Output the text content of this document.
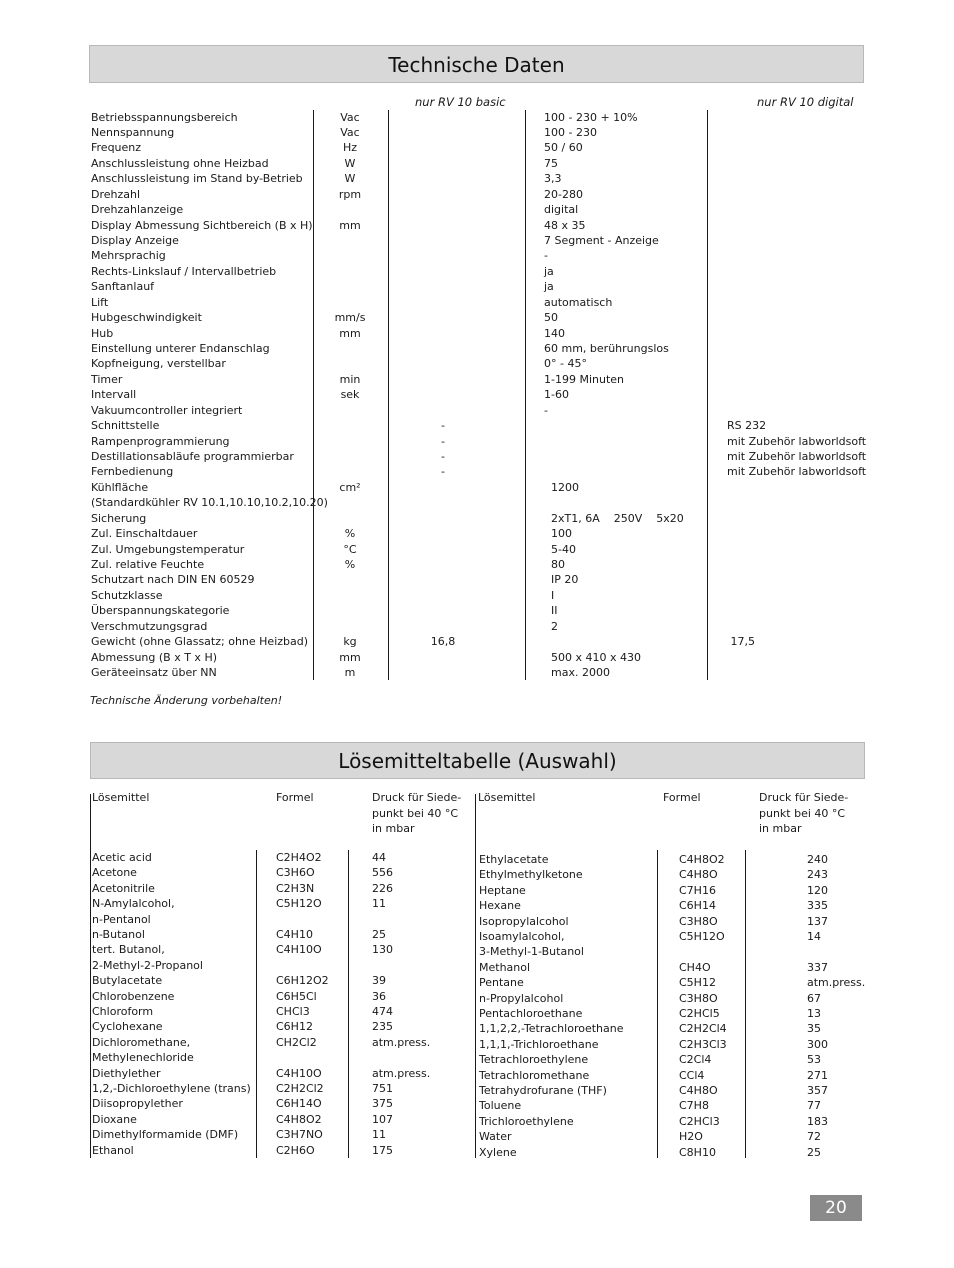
Technische Daten
nur RV 10 basic	nur RV 10 digital
Betriebsspannungsbereich	Vac	100 - 230 + 10%
Nennspannung	Vac	100 - 230
Frequenz	Hz	50 / 60
Anschlussleistung ohne Heizbad	W	75
Anschlussleistung im Stand by-Betrieb	W	3,3
Drehzahl	rpm	20-280
Drehzahlanzeige	digital
Display Abmessung Sichtbereich (B x H)	mm	48 x 35
Display Anzeige	7 Segment - Anzeige
Mehrsprachig	-
Rechts-Linkslauf / Intervallbetrieb	ja
Sanftanlauf	ja
Lift	automatisch
Hubgeschwindigkeit	mm/s	50
Hub	mm	140
Einstellung unterer Endanschlag	60 mm, berührungslos
Kopfneigung, verstellbar	0° - 45°
Timer	min	1-199 Minuten
Intervall	sek	1-60
Vakuumcontroller integriert	-
Schnittstelle	-	RS 232
Rampenprogrammierung	-	mit Zubehör labworldsoft
Destillationsabläufe programmierbar	-	mit Zubehör labworldsoft
Fernbedienung	-	mit Zubehör labworldsoft
Kühlfläche	cm²	1200
(Standardkühler RV 10.1,10.10,10.2,10.20)
Sicherung	2xT1, 6A    250V    5x20
Zul. Einschaltdauer	%	100
Zul. Umgebungstemperatur	°C	5-40
Zul. relative Feuchte	%	80
Schutzart nach DIN EN 60529	IP 20
Schutzklasse	I
Überspannungskategorie	II
Verschmutzungsgrad	2
Gewicht (ohne Glassatz; ohne Heizbad)	kg	16,8	17,5
Abmessung (B x T x H)	mm	500 x 410 x 430
Geräteeinsatz über NN	m	max. 2000
Technische Änderung vorbehalten!
Lösemitteltabelle (Auswahl)
Lösemittel	Formel	Druck für Siede-
punkt bei 40 °C
in mbar
Lösemittel	Formel	Druck für Siede-
punkt bei 40 °C
in mbar
Acetic acid	C2H4O2	44
Acetone	C3H6O	556
Acetonitrile	C2H3N	226
N-Amylalcohol,	C5H12O	11
n-Pentanol
n-Butanol	C4H10	25
tert. Butanol,	C4H10O	130
2-Methyl-2-Propanol
Butylacetate	C6H12O2	39
Chlorobenzene	C6H5Cl	36
Chloroform	CHCl3	474
Cyclohexane	C6H12	235
Dichloromethane,	CH2Cl2	atm.press.
Methylenechloride
Diethylether	C4H10O	atm.press.
1,2,-Dichloroethylene (trans) C2H2Cl2	751
Diisopropylether	C6H14O	375
Dioxane	C4H8O2	107
Dimethylformamide (DMF)	C3H7NO	11
Ethanol	C2H6O	175
Ethylacetate	C4H8O2	240
Ethylmethylketone	C4H8O	243
Heptane	C7H16	120
Hexane	C6H14	335
Isopropylalcohol	C3H8O	137
Isoamylalcohol,	C5H12O	14
3-Methyl-1-Butanol
Methanol	CH4O	337
Pentane	C5H12	atm.press.
n-Propylalcohol	C3H8O	67
Pentachloroethane	C2HCl5	13
1,1,2,2,-Tetrachloroethane	C2H2Cl4	35
1,1,1,-Trichloroethane	C2H3Cl3	300
Tetrachloroethylene	C2Cl4	53
Tetrachloromethane	CCl4	271
Tetrahydrofurane (THF)	C4H8O	357
Toluene	C7H8	77
Trichloroethylene	C2HCl3	183
Water	H2O	72
Xylene	C8H10	25
20
